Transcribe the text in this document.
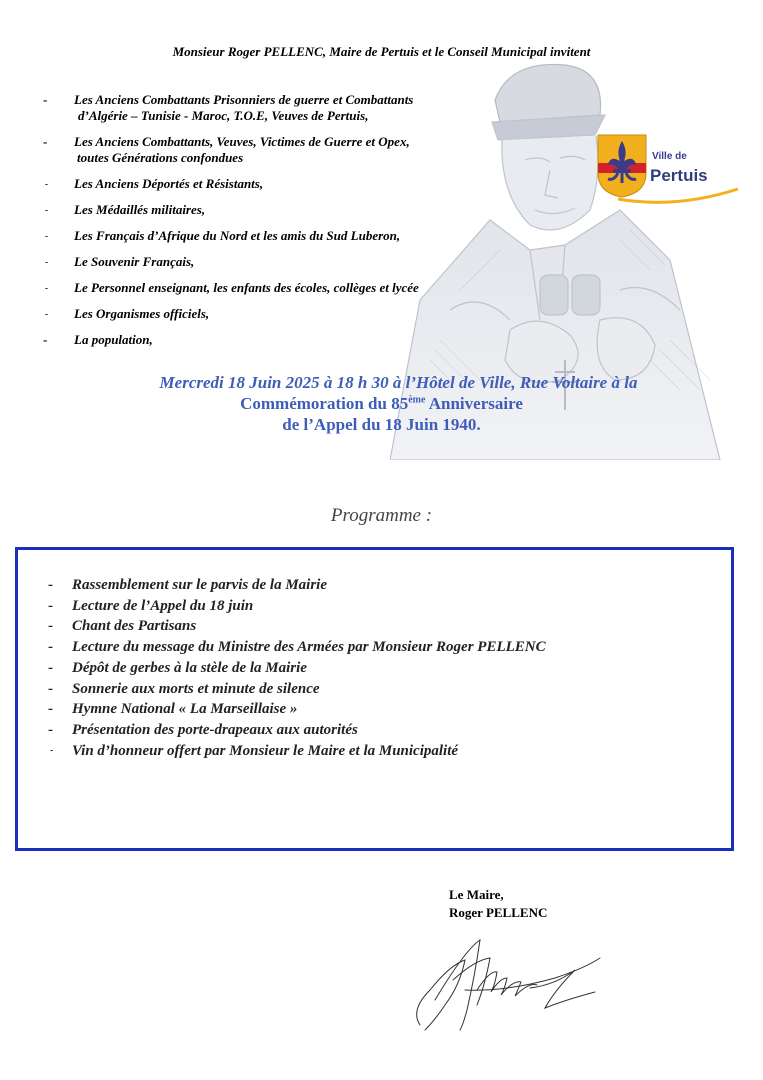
Monsieur Roger PELLENC, Maire de Pertuis et le Conseil Municipal invitent
Ville de
Pertuis
- Les Anciens Combattants Prisonniers de guerre et Combattants
d’Algérie – Tunisie - Maroc, T.O.E, Veuves de Pertuis,
- Les Anciens Combattants, Veuves, Victimes de Guerre et Opex,
toutes Générations confondues
- Les Anciens Déportés et Résistants,
- Les Médaillés militaires,
- Les Français d’Afrique du Nord et les amis du Sud Luberon,
- Le Souvenir Français,
- Le Personnel enseignant, les enfants des écoles, collèges et lycée
- Les Organismes officiels,
- La population,
Mercredi 18 Juin 2025 à 18 h 30 à l’Hôtel de Ville, Rue Voltaire à la
Commémoration du 85ème Anniversaire
de l’Appel du 18 Juin 1940.
Programme :
- Rassemblement sur le parvis de la Mairie
- Lecture de l’Appel du 18 juin
- Chant des Partisans
- Lecture du message du Ministre des Armées par Monsieur Roger PELLENC
- Dépôt de gerbes à la stèle de la Mairie
- Sonnerie aux morts et minute de silence
- Hymne National « La Marseillaise »
- Présentation des porte-drapeaux aux autorités
- Vin d’honneur offert par Monsieur le Maire et la Municipalité
Le Maire,
Roger PELLENC
